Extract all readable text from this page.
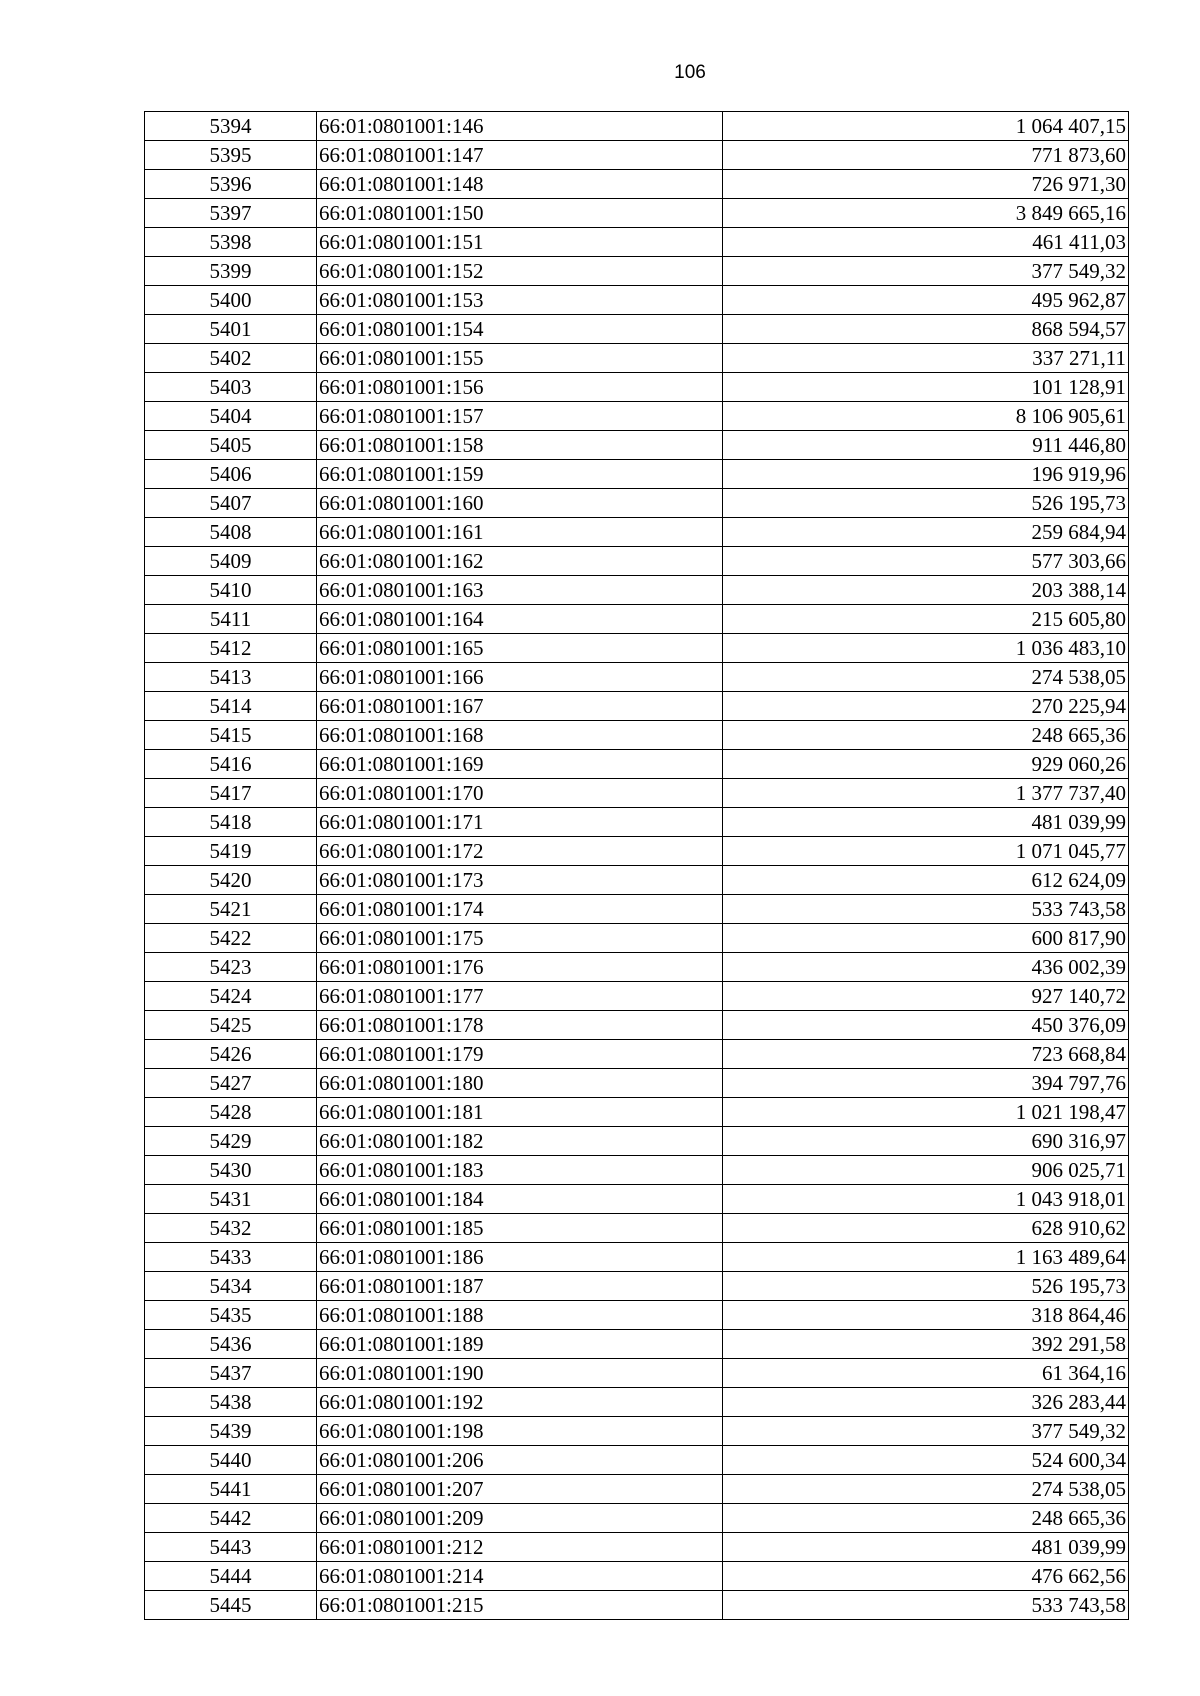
106
5394	66:01:0801001:146	1 064 407,15
5395	66:01:0801001:147	771 873,60
5396	66:01:0801001:148	726 971,30
5397	66:01:0801001:150	3 849 665,16
5398	66:01:0801001:151	461 411,03
5399	66:01:0801001:152	377 549,32
5400	66:01:0801001:153	495 962,87
5401	66:01:0801001:154	868 594,57
5402	66:01:0801001:155	337 271,11
5403	66:01:0801001:156	101 128,91
5404	66:01:0801001:157	8 106 905,61
5405	66:01:0801001:158	911 446,80
5406	66:01:0801001:159	196 919,96
5407	66:01:0801001:160	526 195,73
5408	66:01:0801001:161	259 684,94
5409	66:01:0801001:162	577 303,66
5410	66:01:0801001:163	203 388,14
5411	66:01:0801001:164	215 605,80
5412	66:01:0801001:165	1 036 483,10
5413	66:01:0801001:166	274 538,05
5414	66:01:0801001:167	270 225,94
5415	66:01:0801001:168	248 665,36
5416	66:01:0801001:169	929 060,26
5417	66:01:0801001:170	1 377 737,40
5418	66:01:0801001:171	481 039,99
5419	66:01:0801001:172	1 071 045,77
5420	66:01:0801001:173	612 624,09
5421	66:01:0801001:174	533 743,58
5422	66:01:0801001:175	600 817,90
5423	66:01:0801001:176	436 002,39
5424	66:01:0801001:177	927 140,72
5425	66:01:0801001:178	450 376,09
5426	66:01:0801001:179	723 668,84
5427	66:01:0801001:180	394 797,76
5428	66:01:0801001:181	1 021 198,47
5429	66:01:0801001:182	690 316,97
5430	66:01:0801001:183	906 025,71
5431	66:01:0801001:184	1 043 918,01
5432	66:01:0801001:185	628 910,62
5433	66:01:0801001:186	1 163 489,64
5434	66:01:0801001:187	526 195,73
5435	66:01:0801001:188	318 864,46
5436	66:01:0801001:189	392 291,58
5437	66:01:0801001:190	61 364,16
5438	66:01:0801001:192	326 283,44
5439	66:01:0801001:198	377 549,32
5440	66:01:0801001:206	524 600,34
5441	66:01:0801001:207	274 538,05
5442	66:01:0801001:209	248 665,36
5443	66:01:0801001:212	481 039,99
5444	66:01:0801001:214	476 662,56
5445	66:01:0801001:215	533 743,58
